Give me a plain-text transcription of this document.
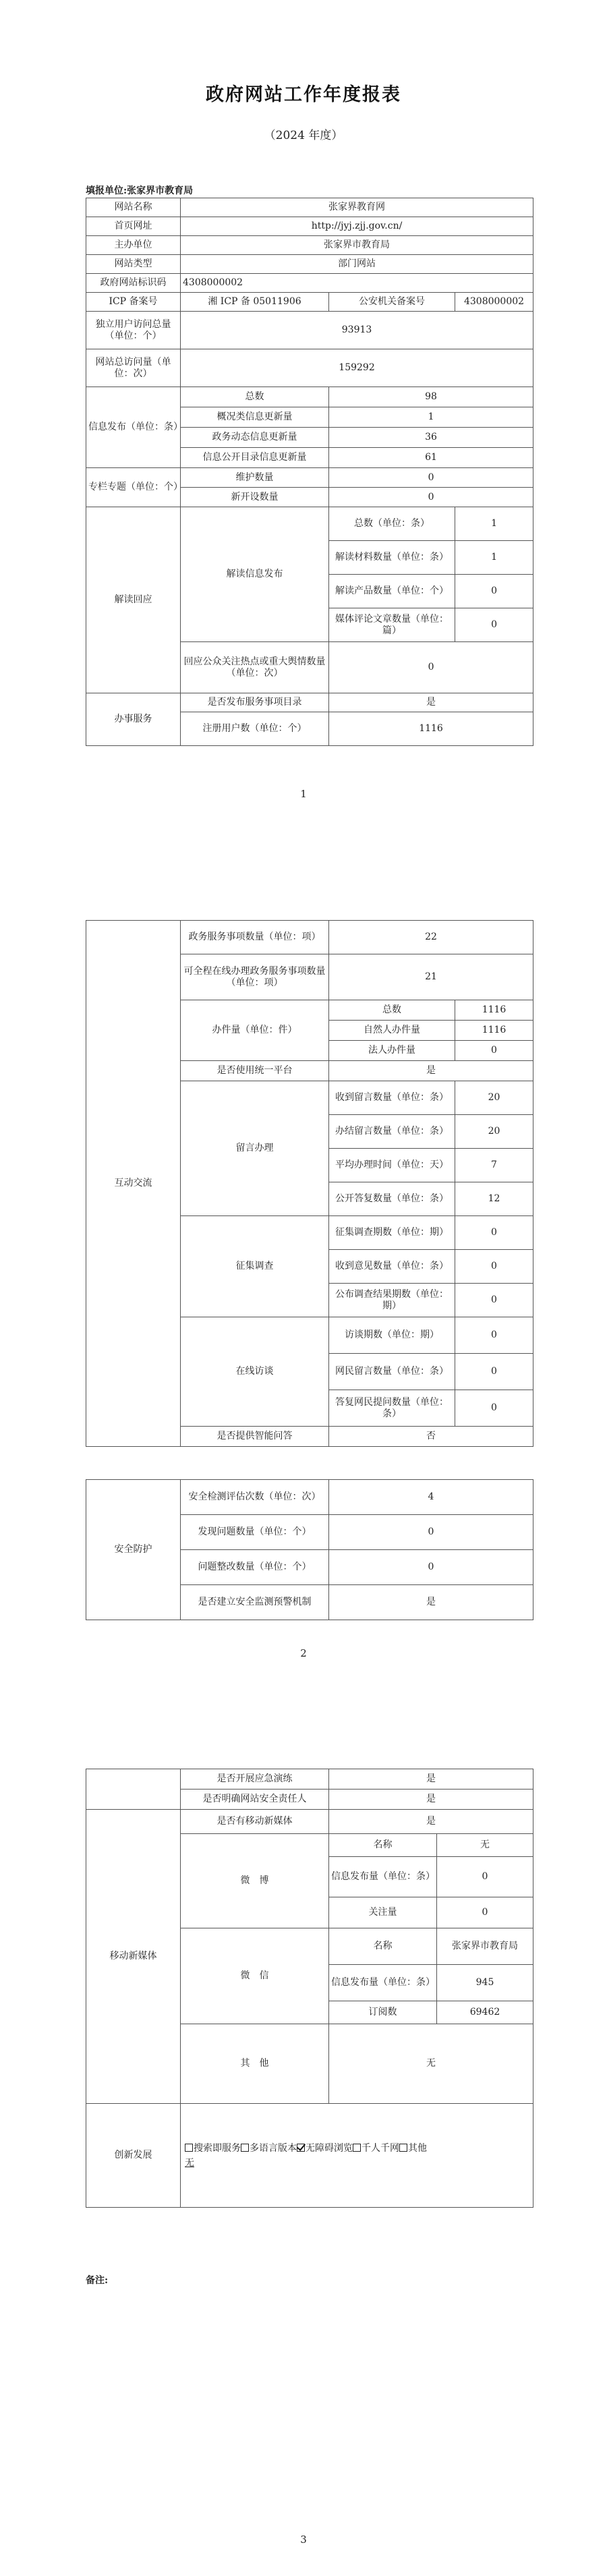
政府网站工作年度报表
（2024 年度）
填报单位:张家界市教育局
网站名称	张家界教育网		
首页网址	http://jyj.zjj.gov.cn/		
主办单位	张家界市教育局		
网站类型	部门网站		
政府网站标识码	4308000002		
ICP 备案号	湘 ICP 备 05011906	公安机关备案号	4308000002
独立用户访问总量（单位：个）	93913		
网站总访问量（单位：次）	159292		
信息发布（单位：条）	总数	98	
	概况类信息更新量	1	
	政务动态信息更新量	36	
	信息公开目录信息更新量	61	
专栏专题（单位：个）	维护数量	0	
	新开设数量	0	
解读回应	解读信息发布	总数（单位：条）	1
		解读材料数量（单位：条）	1
		解读产品数量（单位：个）	0
		媒体评论文章数量（单位：篇）	0
	回应公众关注热点或重大舆情数量（单位：次）	0	
办事服务	是否发布服务事项目录	是	
	注册用户数（单位：个）	1116	
1
互动交流	政务服务事项数量（单位：项）	22	
	可全程在线办理政务服务事项数量（单位：项）	21	
	办件量（单位：件）	总数	1116
		自然人办件量	1116
		法人办件量	0
	是否使用统一平台	是	
	留言办理	收到留言数量（单位：条）	20
		办结留言数量（单位：条）	20
		平均办理时间（单位：天）	7
		公开答复数量（单位：条）	12
	征集调查	征集调查期数（单位：期）	0
		收到意见数量（单位：条）	0
		公布调查结果期数（单位：期）	0
	在线访谈	访谈期数（单位：期）	0
		网民留言数量（单位：条）	0
		答复网民提问数量（单位：条）	0
	是否提供智能问答	否	
安全防护	安全检测评估次数（单位：次）	4
	发现问题数量（单位：个）	0
	问题整改数量（单位：个）	0
	是否建立安全监测预警机制	是
2
	是否开展应急演练	是
	是否明确网站安全责任人	是
移动新媒体	是否有移动新媒体	是	
	微　博	名称	无
		信息发布量（单位：条）	0
		关注量	0
	微　信	名称	张家界市教育局
		信息发布量（单位：条）	945
		订阅数	69462
	其　他	无	
创新发展	搜索即服务 多语言版本 无障碍浏览 千人千网 其他
无
备注:
3
